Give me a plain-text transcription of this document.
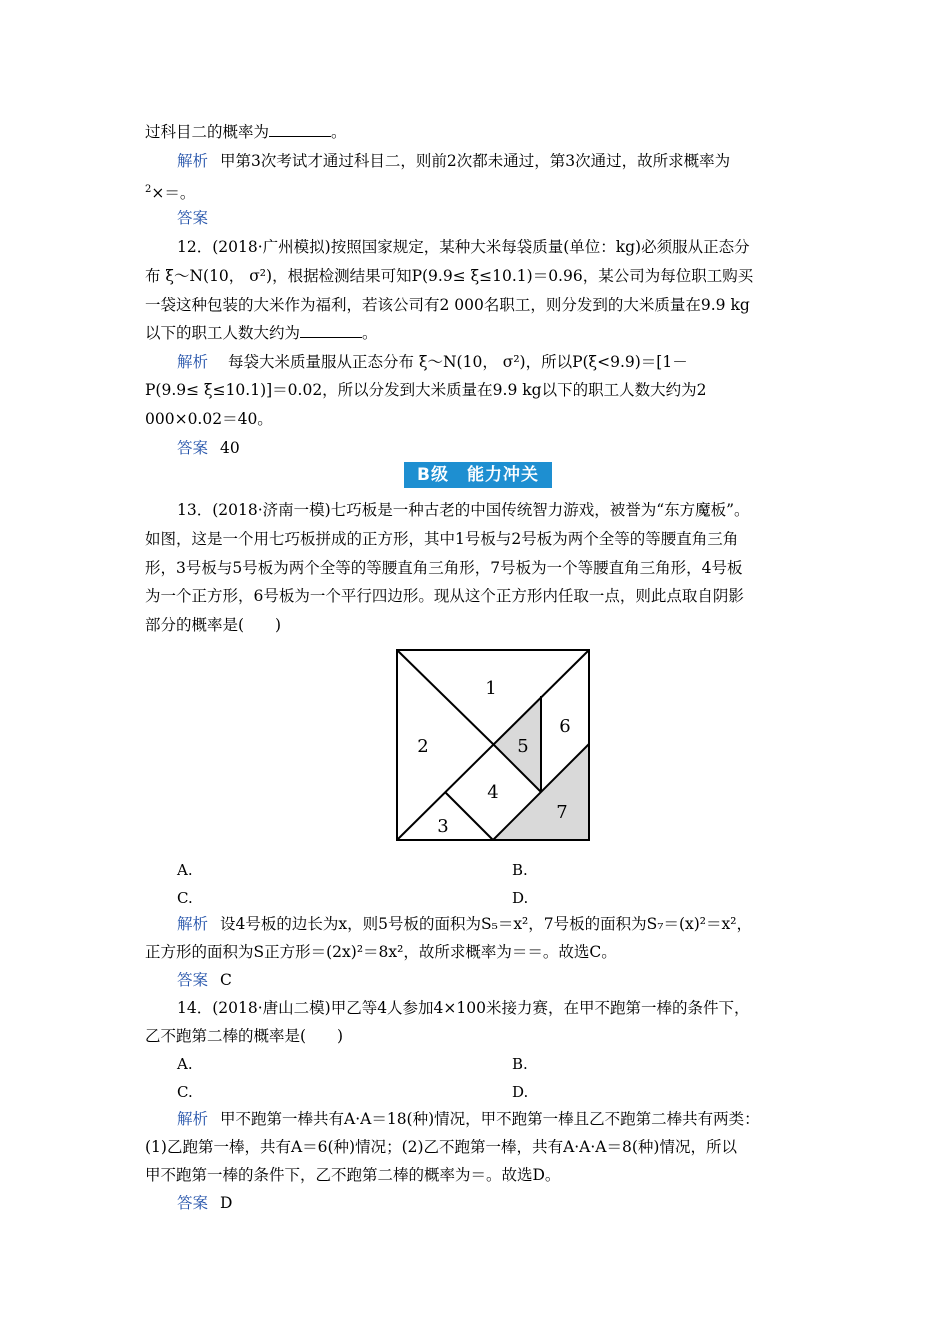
过科目二的概率为	。
解析 甲第3次考试才通过科目二，则前2次都未通过，第3次通过，故所求概率为
$^2$×＝。
答案
12．(2018·广州模拟)按照国家规定，某种大米每袋质量(单位：kg)必须服从正态分
布 ξ～N(10， σ²)，根据检测结果可知P(9.9≤ ξ≤10.1)＝0.96，某公司为每位职工购买
一袋这种包装的大米作为福利，若该公司有2 000名职工，则分发到的大米质量在9.9 kg
以下的职工人数大约为	。
解析 每袋大米质量服从正态分布 ξ～N(10， σ²)，所以P(ξ<9.9)＝[1－
P(9.9≤ ξ≤10.1)]＝0.02，所以分发到大米质量在9.9 kg以下的职工人数大约为2
000×0.02＝40。
答案 40
B级　能力冲关
13．(2018·济南一模)七巧板是一种古老的中国传统智力游戏，被誉为“东方魔板”。
如图，这是一个用七巧板拼成的正方形，其中1号板与2号板为两个全等的等腰直角三角
形，3号板与5号板为两个全等的等腰直角三角形，7号板为一个等腰直角三角形，4号板
为一个正方形，6号板为一个平行四边形。现从这个正方形内任取一点，则此点取自阴影
部分的概率是(　　)
1
2
3
4
5
6
7
A.	B.
C.	D.
解析 设4号板的边长为x，则5号板的面积为S₅＝x²，7号板的面积为S₇＝(x)²＝x²，
正方形的面积为S正方形＝(2x)²＝8x²，故所求概率为＝＝。故选C。
答案 C
14．(2018·唐山二模)甲乙等4人参加4×100米接力赛，在甲不跑第一棒的条件下，
乙不跑第二棒的概率是(　　)
A.	B.
C.	D.
解析 甲不跑第一棒共有A·A＝18(种)情况，甲不跑第一棒且乙不跑第二棒共有两类：
(1)乙跑第一棒，共有A＝6(种)情况；(2)乙不跑第一棒，共有A·A·A＝8(种)情况，所以
甲不跑第一棒的条件下，乙不跑第二棒的概率为＝。故选D。
答案 D
